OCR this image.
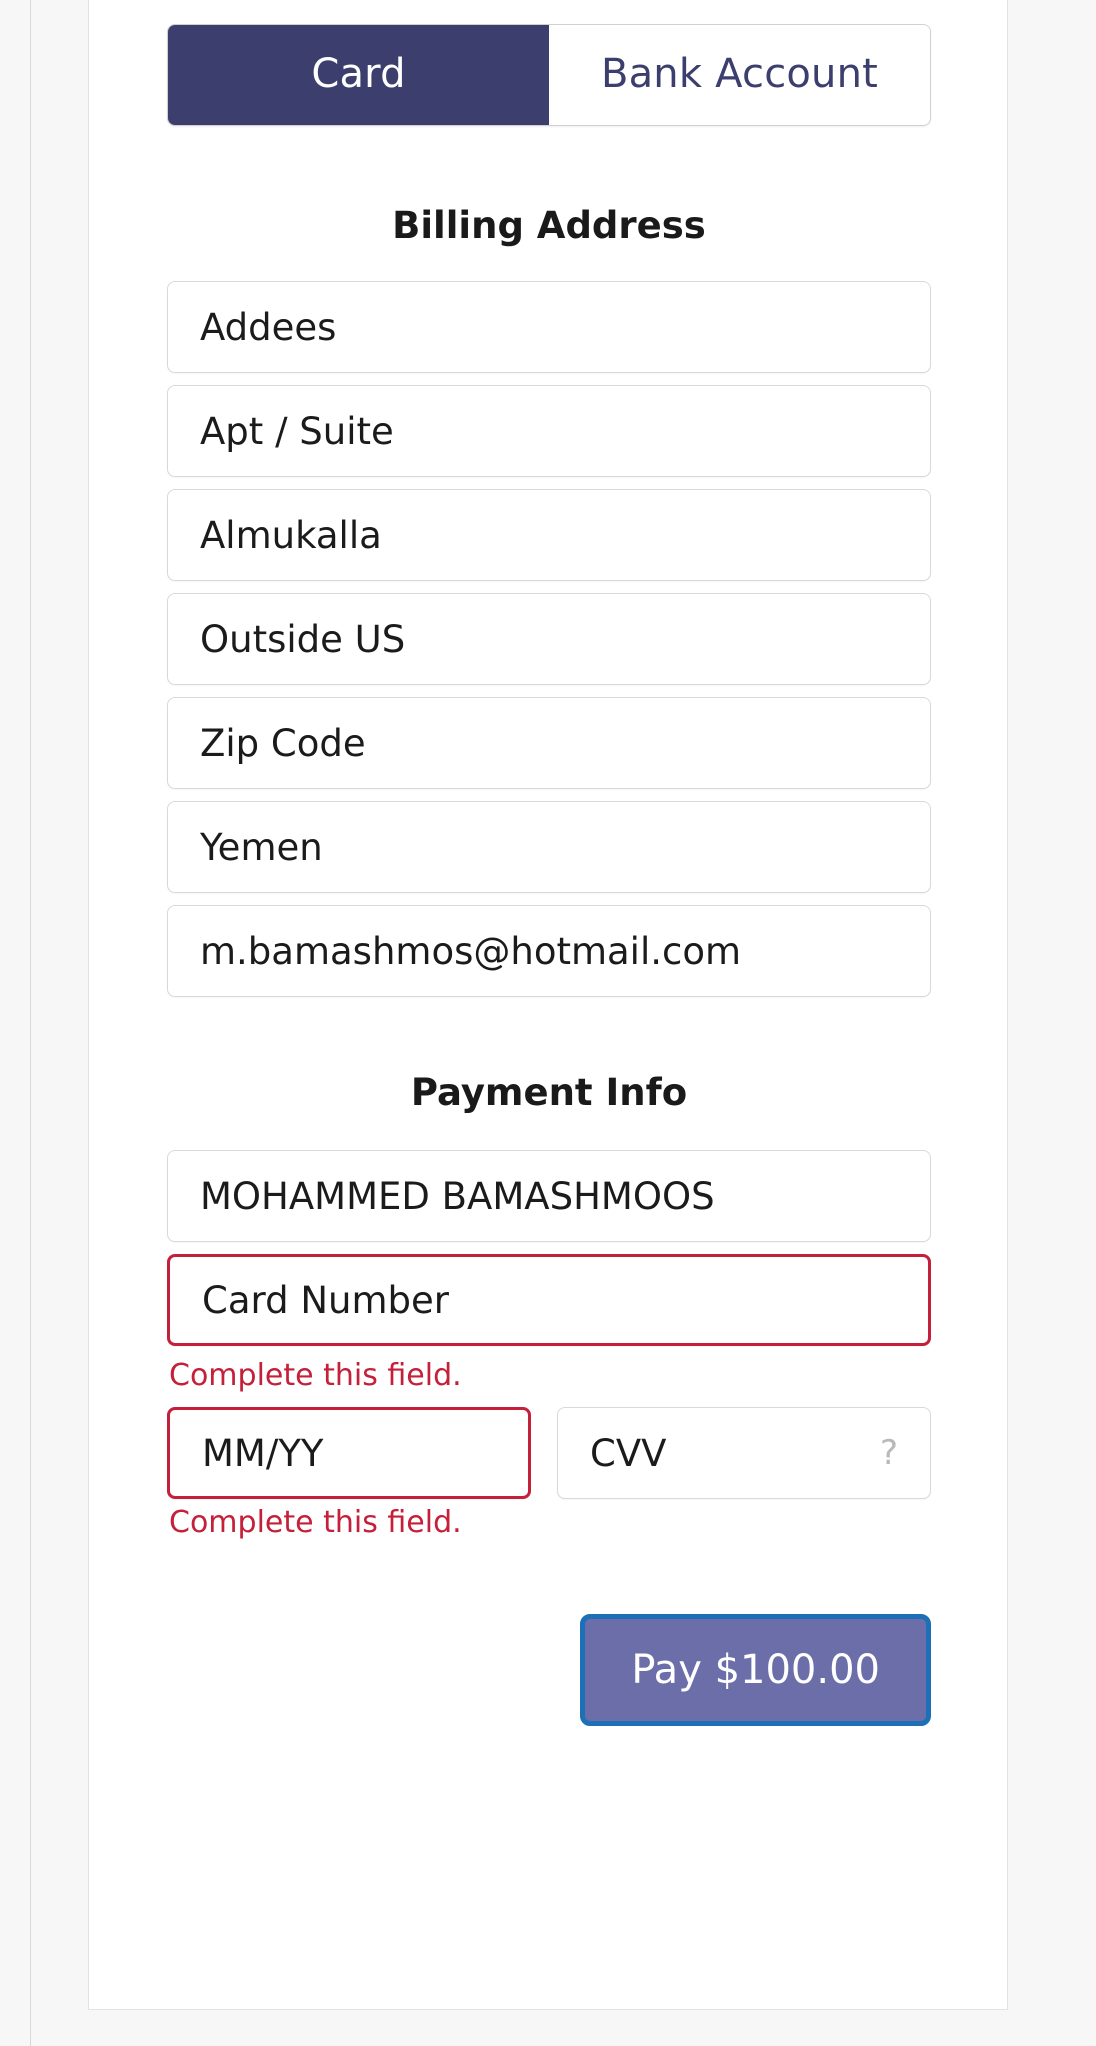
Card	Bank Account
Billing Address
Addees
Apt / Suite
Almukalla
Outside US
Zip Code
Yemen
m.bamashmos@hotmail.com
Payment Info
MOHAMMED BAMASHMOOS
Card Number
Complete this field.
MM/YY	CVV	?
Complete this field.
Pay $100.00
